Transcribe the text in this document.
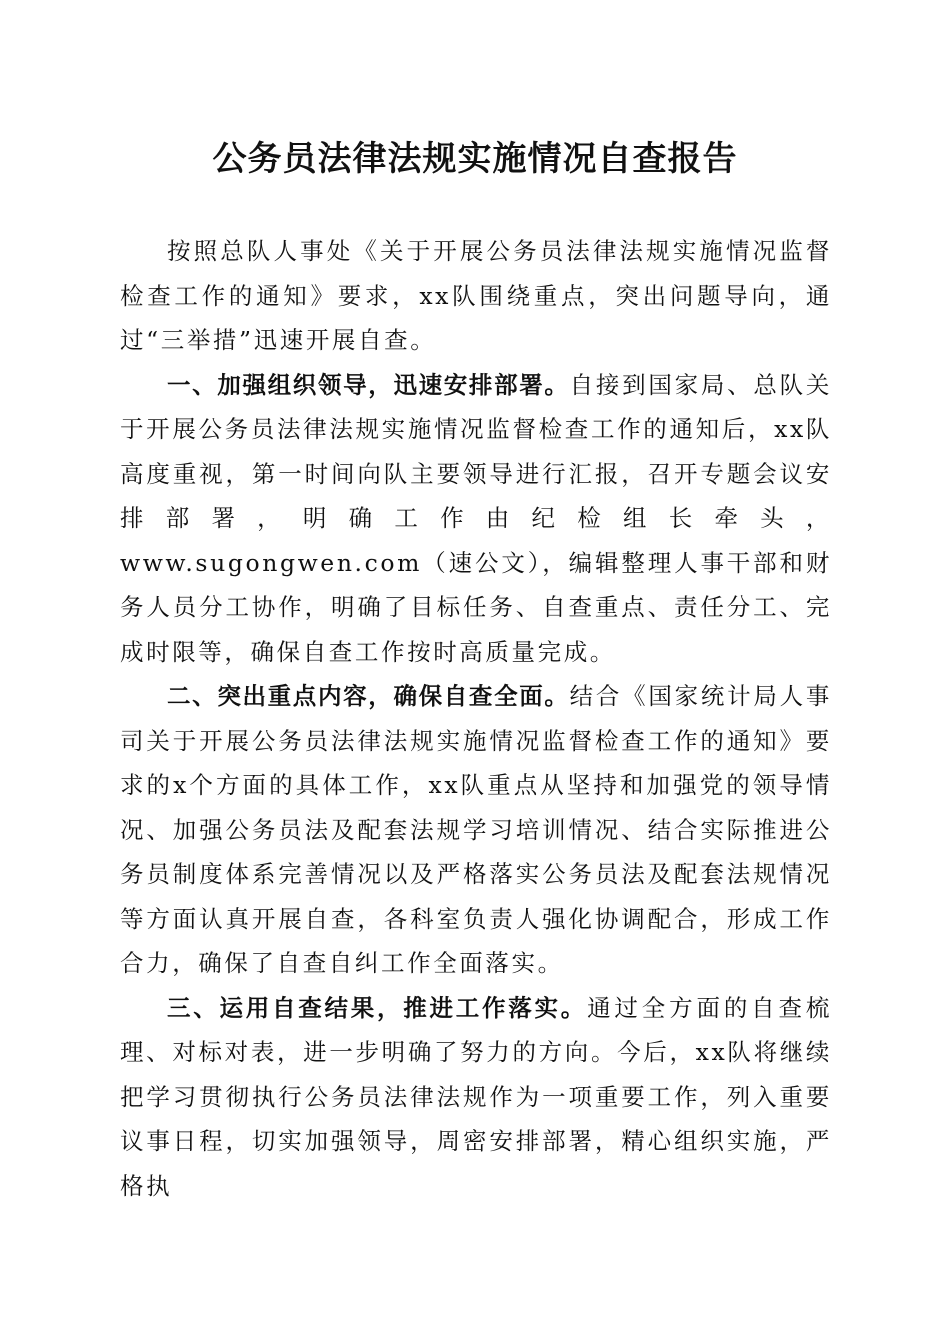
公务员法律法规实施情况自查报告

按照总队人事处《关于开展公务员法律法规实施情况监督检查工作的通知》要求，xx队围绕重点，突出问题导向，通过“三举措”迅速开展自查。

一、加强组织领导，迅速安排部署。自接到国家局、总队关于开展公务员法律法规实施情况监督检查工作的通知后，xx队高度重视，第一时间向队主要领导进行汇报，召开专题会议安排部署，明确工作由纪检组长牵头，www.sugongwen.com（速公文），编辑整理人事干部和财务人员分工协作，明确了目标任务、自查重点、责任分工、完成时限等，确保自查工作按时高质量完成。

二、突出重点内容，确保自查全面。结合《国家统计局人事司关于开展公务员法律法规实施情况监督检查工作的通知》要求的x个方面的具体工作，xx队重点从坚持和加强党的领导情况、加强公务员法及配套法规学习培训情况、结合实际推进公务员制度体系完善情况以及严格落实公务员法及配套法规情况等方面认真开展自查，各科室负责人强化协调配合，形成工作合力，确保了自查自纠工作全面落实。

三、运用自查结果，推进工作落实。通过全方面的自查梳理、对标对表，进一步明确了努力的方向。今后，xx队将继续把学习贯彻执行公务员法律法规作为一项重要工作，列入重要议事日程，切实加强领导，周密安排部署，精心组织实施，严格执
